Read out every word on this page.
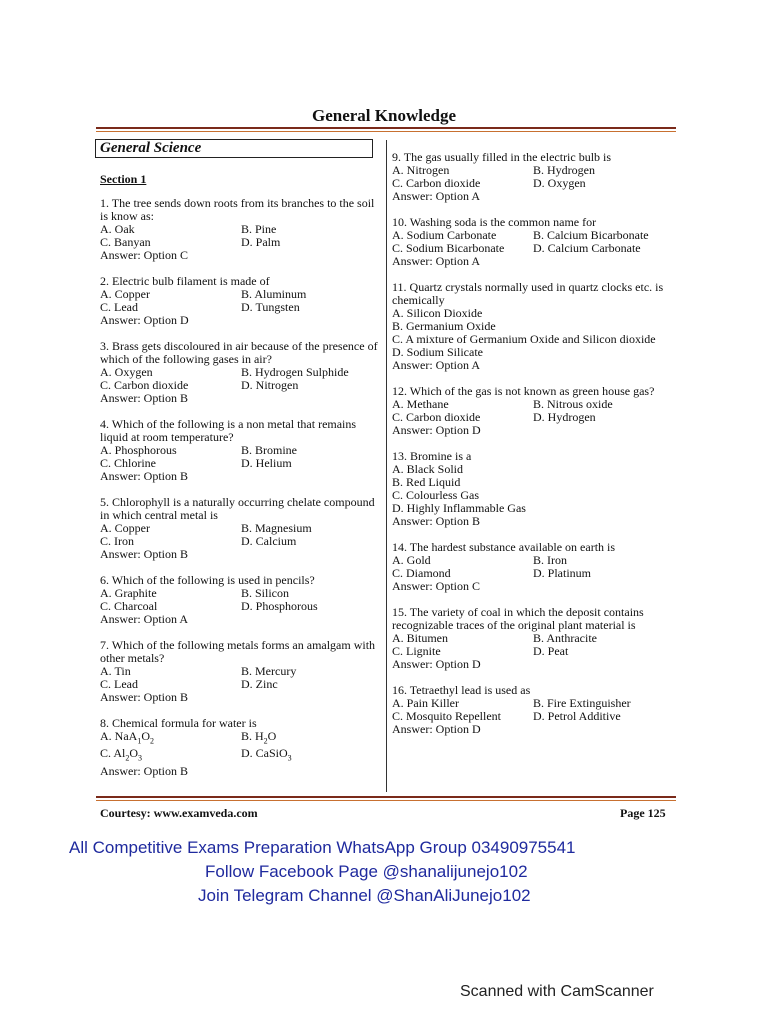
General Knowledge
General Science
Section 1
1. The tree sends down roots from its branches to the soil is know as:
A. Oak	B. Pine
C. Banyan	D. Palm
Answer: Option C
2. Electric bulb filament is made of
A. Copper	B. Aluminum
C. Lead	D. Tungsten
Answer: Option D
3. Brass gets discoloured in air because of the presence of which of the following gases in air?
A. Oxygen	B. Hydrogen Sulphide
C. Carbon dioxide	D. Nitrogen
Answer: Option B
4. Which of the following is a non metal that remains liquid at room temperature?
A. Phosphorous	B. Bromine
C. Chlorine	D. Helium
Answer: Option B
5. Chlorophyll is a naturally occurring chelate compound in which central metal is
A. Copper	B. Magnesium
C. Iron	D. Calcium
Answer: Option B
6. Which of the following is used in pencils?
A. Graphite	B. Silicon
C. Charcoal	D. Phosphorous
Answer: Option A
7. Which of the following metals forms an amalgam with other metals?
A. Tin	B. Mercury
C. Lead	D. Zinc
Answer: Option B
8. Chemical formula for water is
A. $NaA_1O_2$	B. $H_2O$
C. $Al_2O_3$	D. CaSiO$_3$
Answer: Option B
9. The gas usually filled in the electric bulb is
A. Nitrogen	B. Hydrogen
C. Carbon dioxide	D. Oxygen
Answer: Option A
10. Washing soda is the common name for
A. Sodium Carbonate	B. Calcium Bicarbonate
C. Sodium Bicarbonate	D. Calcium Carbonate
Answer: Option A
11. Quartz crystals normally used in quartz clocks etc. is chemically
A. Silicon Dioxide
B. Germanium Oxide
C. A mixture of Germanium Oxide and Silicon dioxide
D. Sodium Silicate
Answer: Option A
12. Which of the gas is not known as green house gas?
A. Methane	B. Nitrous oxide
C. Carbon dioxide	D. Hydrogen
Answer: Option D
13. Bromine is a
A. Black Solid
B. Red Liquid
C. Colourless Gas
D. Highly Inflammable Gas
Answer: Option B
14. The hardest substance available on earth is
A. Gold	B. Iron
C. Diamond	D. Platinum
Answer: Option C
15. The variety of coal in which the deposit contains recognizable traces of the original plant material is
A. Bitumen	B. Anthracite
C. Lignite	D. Peat
Answer: Option D
16. Tetraethyl lead is used as
A. Pain Killer	B. Fire Extinguisher
C. Mosquito Repellent	D. Petrol Additive
Answer: Option D
Courtesy: www.examveda.com	Page 125
All Competitive Exams Preparation WhatsApp Group 03490975541
Follow Facebook Page @shanalijunejo102
Join Telegram Channel @ShanAliJunejo102
Scanned with CamScanner
